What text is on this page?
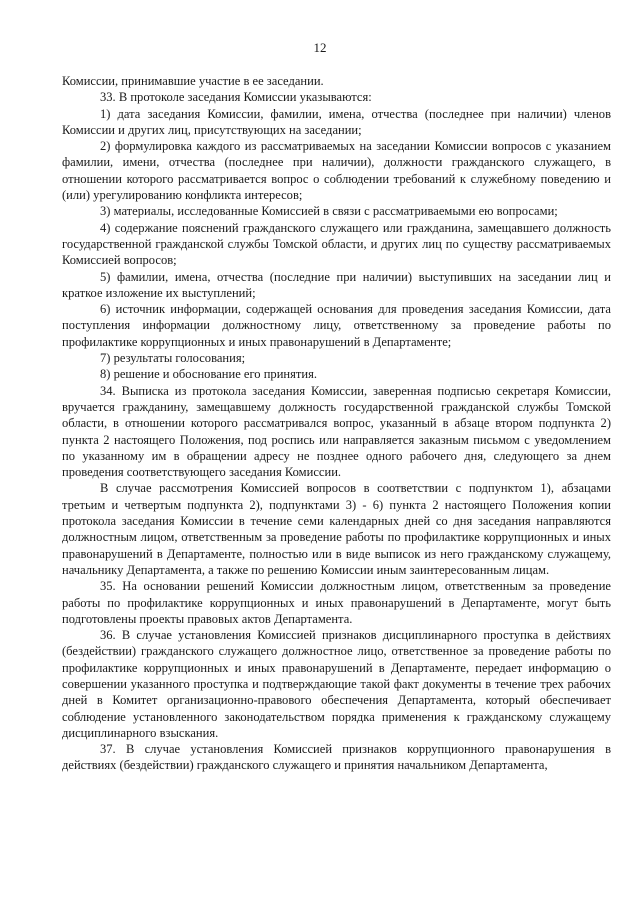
12

Комиссии, принимавшие участие в ее заседании.

33. В протоколе заседания Комиссии указываются:

1) дата заседания Комиссии, фамилии, имена, отчества (последнее при наличии) членов Комиссии и других лиц, присутствующих на заседании;

2) формулировка каждого из рассматриваемых на заседании Комиссии вопросов с указанием фамилии, имени, отчества (последнее при наличии), должности гражданского служащего, в отношении которого рассматривается вопрос о соблюдении требований к служебному поведению и (или) урегулированию конфликта интересов;

3) материалы, исследованные Комиссией в связи с рассматриваемыми ею вопросами;

4) содержание пояснений гражданского служащего или гражданина, замещавшего должность государственной гражданской службы Томской области, и других лиц по существу рассматриваемых Комиссией вопросов;

5) фамилии, имена, отчества (последние при наличии) выступивших на заседании лиц и краткое изложение их выступлений;

6) источник информации, содержащей основания для проведения заседания Комиссии, дата поступления информации должностному лицу, ответственному за проведение работы по профилактике коррупционных и иных правонарушений в Департаменте;

7) результаты голосования;

8) решение и обоснование его принятия.

34. Выписка из протокола заседания Комиссии, заверенная подписью секретаря Комиссии, вручается гражданину, замещавшему должность государственной гражданской службы Томской области, в отношении которого рассматривался вопрос, указанный в абзаце втором подпункта 2) пункта 2 настоящего Положения, под роспись или направляется заказным письмом с уведомлением по указанному им в обращении адресу не позднее одного рабочего дня, следующего за днем проведения соответствующего заседания Комиссии.

В случае рассмотрения Комиссией вопросов в соответствии с подпунктом 1), абзацами третьим и четвертым подпункта 2), подпунктами 3) - 6) пункта 2 настоящего Положения копии протокола заседания Комиссии в течение семи календарных дней со дня заседания направляются должностным лицом, ответственным за проведение работы по профилактике коррупционных и иных правонарушений в Департаменте, полностью или в виде выписок из него гражданскому служащему, начальнику Департамента, а также по решению Комиссии иным заинтересованным лицам.

35. На основании решений Комиссии должностным лицом, ответственным за проведение работы по профилактике коррупционных и иных правонарушений в Департаменте, могут быть подготовлены проекты правовых актов Департамента.

36. В случае установления Комиссией признаков дисциплинарного проступка в действиях (бездействии) гражданского служащего должностное лицо, ответственное за проведение работы по профилактике коррупционных и иных правонарушений в Департаменте, передает информацию о совершении указанного проступка и подтверждающие такой факт документы в течение трех рабочих дней в Комитет организационно-правового обеспечения Департамента, который обеспечивает соблюдение установленного законодательством порядка применения к гражданскому служащему дисциплинарного взыскания.

37. В случае установления Комиссией признаков коррупционного правонарушения в действиях (бездействии) гражданского служащего и принятия начальником Департамента,
